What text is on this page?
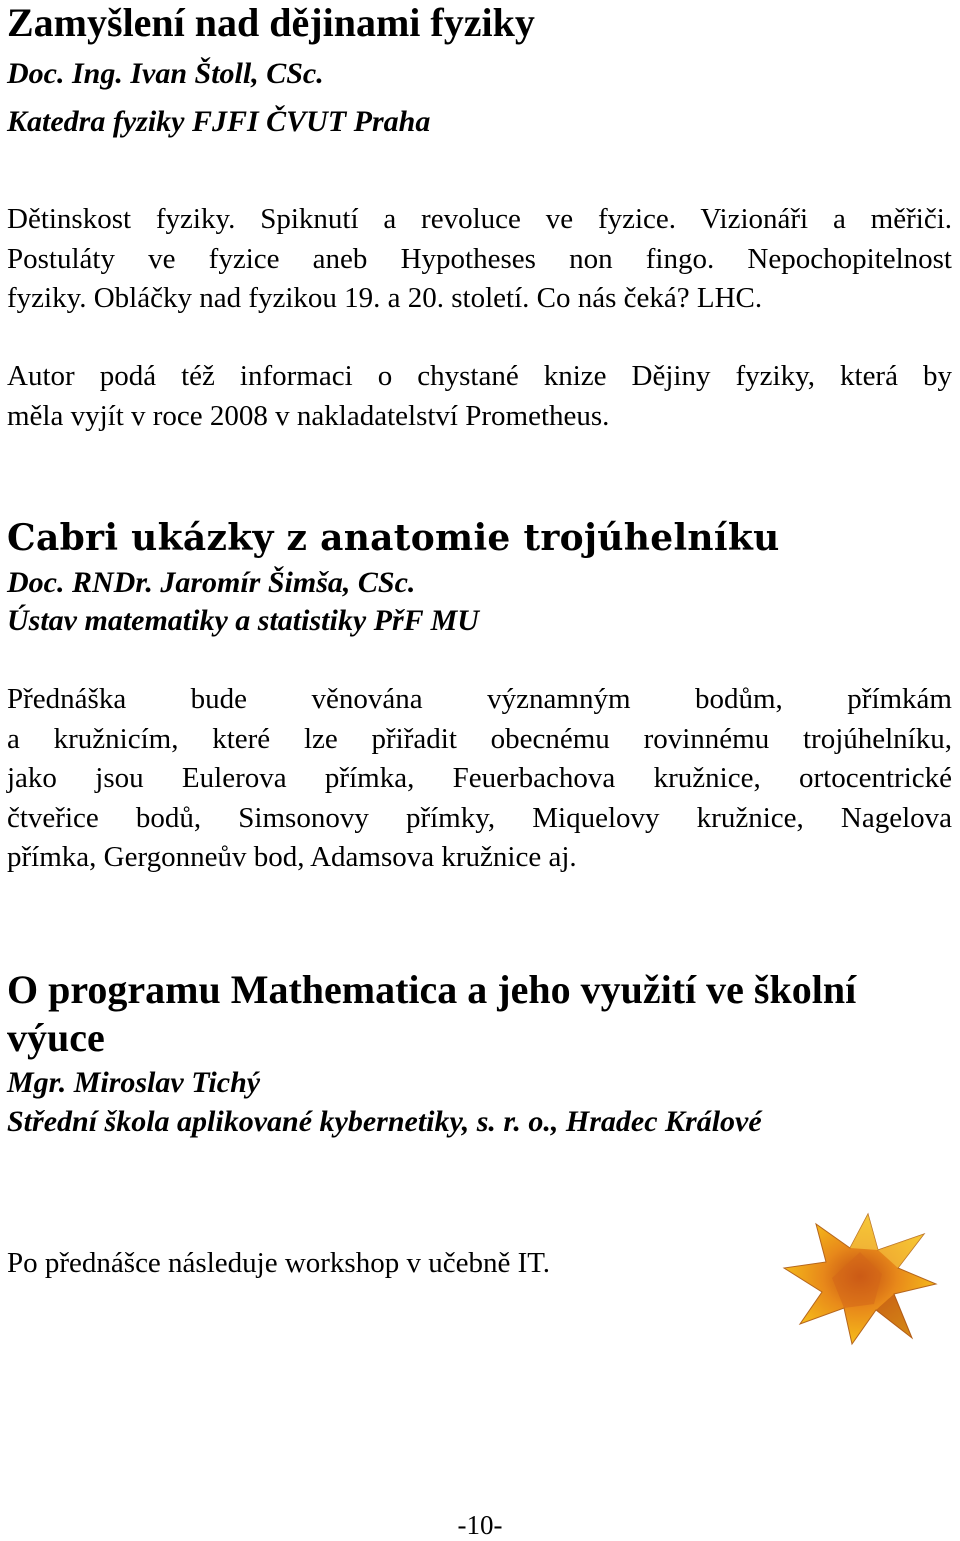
Zamyšlení nad dějinami fyziky

Doc. Ing. Ivan Štoll, CSc.

Katedra fyziky FJFI ČVUT Praha

Dětinskost fyziky. Spiknutí a revoluce ve fyzice. Vizionáři a měřiči.
Postuláty ve fyzice aneb Hypotheses non fingo. Nepochopitelnost
fyziky. Obláčky nad fyzikou 19. a 20. století. Co nás čeká? LHC.
Autor podá též informaci o chystané knize Dějiny fyziky, která by
měla vyjít v roce 2008 v nakladatelství Prometheus.
Cabri ukázky z anatomie trojúhelníku

Doc. RNDr. Jaromír Šimša, CSc.

Ústav matematiky a statistiky PřF MU

Přednáška bude věnována významným bodům, přímkám
a kružnicím, které lze přiřadit obecnému rovinnému trojúhelníku,
jako jsou Eulerova přímka, Feuerbachova kružnice, ortocentrické
čtveřice bodů, Simsonovy přímky, Miquelovy kružnice, Nagelova
přímka, Gergonneův bod, Adamsova kružnice aj.
O programu Mathematica a jeho využití ve školní
výuce

Mgr. Miroslav Tichý

Střední škola aplikované kybernetiky, s. r. o., Hradec Králové

Po přednášce následuje workshop v učebně IT.

-10-
